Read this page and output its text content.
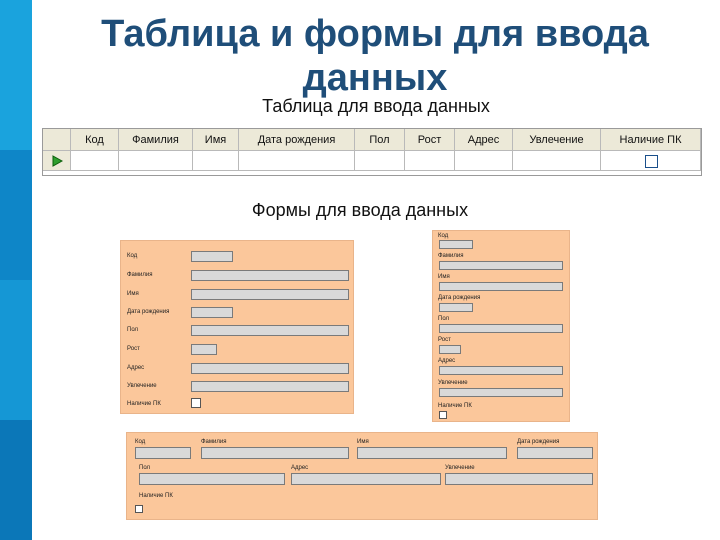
Таблица и формы для ввода данных
Таблица для ввода данных
Формы для ввода данных
Код	Фамилия	Имя	Дата рождения	Пол	Рост	Адрес	Увлечение	Наличие ПК
Код
Фамилия
Имя
Дата рождения
Пол
Рост
Адрес
Увлечение
Наличие ПК
Код
Фамилия
Имя
Дата рождения
Пол
Рост
Адрес
Увлечение
Наличие ПК
Код	Фамилия	Имя	Дата рождения
Пол	Адрес	Увлечение
Наличие ПК
